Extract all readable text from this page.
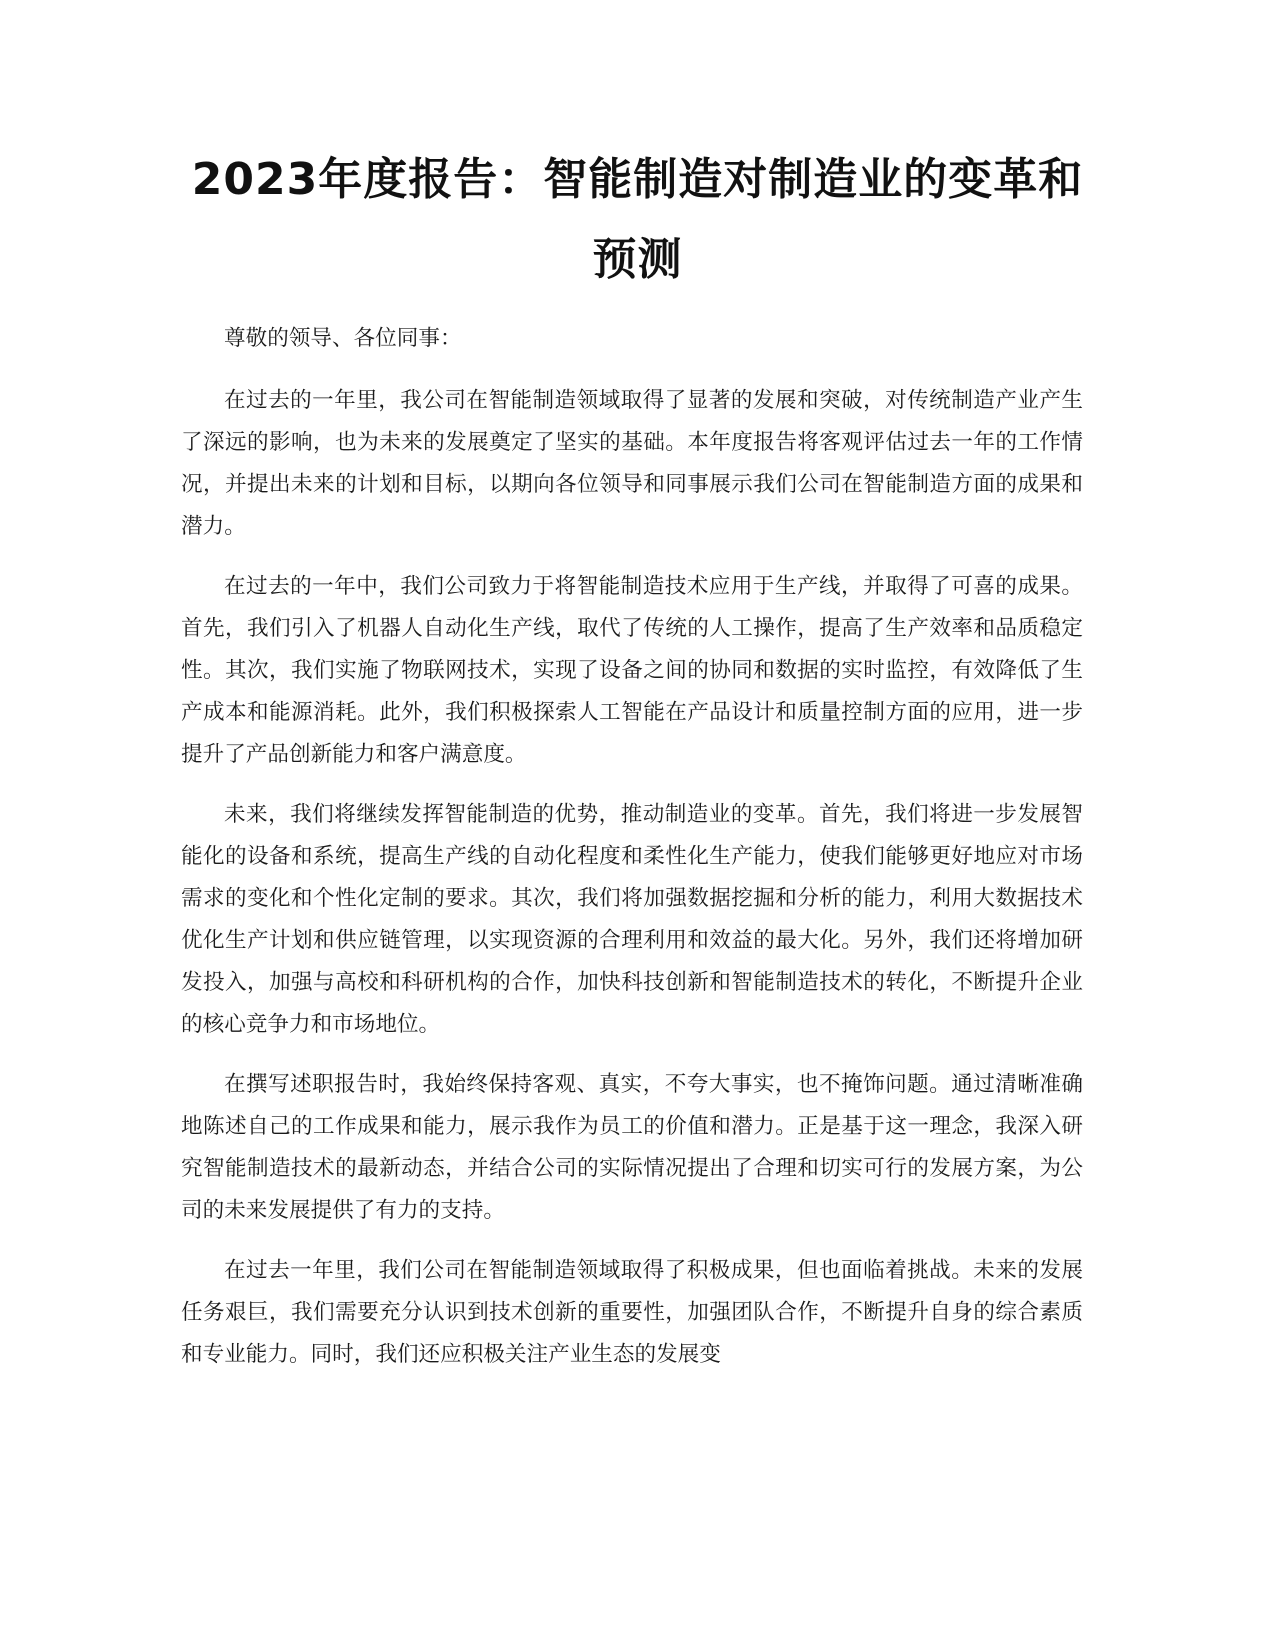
2023年度报告：智能制造对制造业的变革和
预测

尊敬的领导、各位同事：

在过去的一年里，我公司在智能制造领域取得了显著的发展和突破，对传统制造产业产生了深远的影响，也为未来的发展奠定了坚实的基础。本年度报告将客观评估过去一年的工作情况，并提出未来的计划和目标，以期向各位领导和同事展示我们公司在智能制造方面的成果和潜力。

在过去的一年中，我们公司致力于将智能制造技术应用于生产线，并取得了可喜的成果。首先，我们引入了机器人自动化生产线，取代了传统的人工操作，提高了生产效率和品质稳定性。其次，我们实施了物联网技术，实现了设备之间的协同和数据的实时监控，有效降低了生产成本和能源消耗。此外，我们积极探索人工智能在产品设计和质量控制方面的应用，进一步提升了产品创新能力和客户满意度。

未来，我们将继续发挥智能制造的优势，推动制造业的变革。首先，我们将进一步发展智能化的设备和系统，提高生产线的自动化程度和柔性化生产能力，使我们能够更好地应对市场需求的变化和个性化定制的要求。其次，我们将加强数据挖掘和分析的能力，利用大数据技术优化生产计划和供应链管理，以实现资源的合理利用和效益的最大化。另外，我们还将增加研发投入，加强与高校和科研机构的合作，加快科技创新和智能制造技术的转化，不断提升企业的核心竞争力和市场地位。

在撰写述职报告时，我始终保持客观、真实，不夸大事实，也不掩饰问题。通过清晰准确地陈述自己的工作成果和能力，展示我作为员工的价值和潜力。正是基于这一理念，我深入研究智能制造技术的最新动态，并结合公司的实际情况提出了合理和切实可行的发展方案，为公司的未来发展提供了有力的支持。

在过去一年里，我们公司在智能制造领域取得了积极成果，但也面临着挑战。未来的发展任务艰巨，我们需要充分认识到技术创新的重要性，加强团队合作，不断提升自身的综合素质和专业能力。同时，我们还应积极关注产业生态的发展变
